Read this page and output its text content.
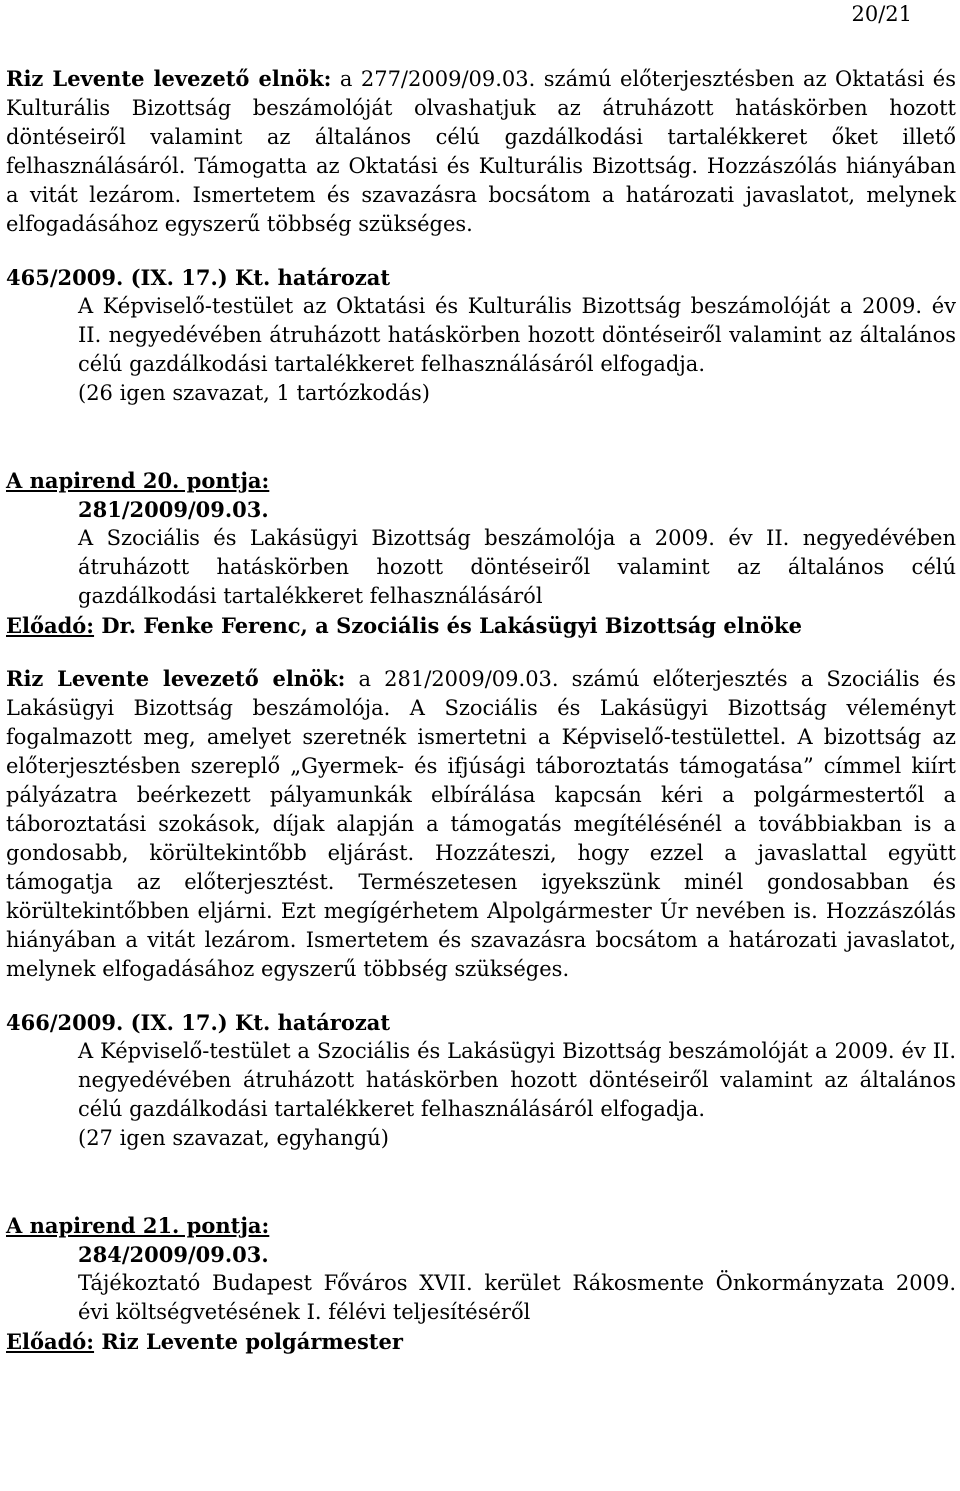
20/21

Riz Levente levezető elnök: a 277/2009/09.03. számú előterjesztésben az Oktatási és Kulturális Bizottság beszámolóját olvashatjuk az átruházott hatáskörben hozott döntéseiről valamint az általános célú gazdálkodási tartalékkeret őket illető felhasználásáról. Támogatta az Oktatási és Kulturális Bizottság. Hozzászólás hiányában a vitát lezárom. Ismertetem és szavazásra bocsátom a határozati javaslatot, melynek elfogadásához egyszerű többség szükséges.

465/2009. (IX. 17.) Kt. határozat

A Képviselő-testület az Oktatási és Kulturális Bizottság beszámolóját a 2009. év II. negyedévében átruházott hatáskörben hozott döntéseiről valamint az általános célú gazdálkodási tartalékkeret felhasználásáról elfogadja.

(26 igen szavazat, 1 tartózkodás)

A napirend 20. pontja:

281/2009/09.03.

A Szociális és Lakásügyi Bizottság beszámolója a 2009. év II. negyedévében átruházott hatáskörben hozott döntéseiről valamint az általános célú gazdálkodási tartalékkeret felhasználásáról

Előadó: Dr. Fenke Ferenc, a Szociális és Lakásügyi Bizottság elnöke

Riz Levente levezető elnök: a 281/2009/09.03. számú előterjesztés a Szociális és Lakásügyi Bizottság beszámolója. A Szociális és Lakásügyi Bizottság véleményt fogalmazott meg, amelyet szeretnék ismertetni a Képviselő-testülettel. A bizottság az előterjesztésben szereplő „Gyermek- és ifjúsági táboroztatás támogatása” címmel kiírt pályázatra beérkezett pályamunkák elbírálása kapcsán kéri a polgármestertől a táboroztatási szokások, díjak alapján a támogatás megítélésénél a továbbiakban is a gondosabb, körültekintőbb eljárást. Hozzáteszi, hogy ezzel a javaslattal együtt támogatja az előterjesztést. Természetesen igyekszünk minél gondosabban és körültekintőbben eljárni. Ezt megígérhetem Alpolgármester Úr nevében is. Hozzászólás hiányában a vitát lezárom. Ismertetem és szavazásra bocsátom a határozati javaslatot, melynek elfogadásához egyszerű többség szükséges.

466/2009. (IX. 17.) Kt. határozat

A Képviselő-testület a Szociális és Lakásügyi Bizottság beszámolóját a 2009. év II. negyedévében átruházott hatáskörben hozott döntéseiről valamint az általános célú gazdálkodási tartalékkeret felhasználásáról elfogadja.

(27 igen szavazat, egyhangú)

A napirend 21. pontja:

284/2009/09.03.

Tájékoztató Budapest Főváros XVII. kerület Rákosmente Önkormányzata 2009. évi költségvetésének I. félévi teljesítéséről

Előadó: Riz Levente polgármester
